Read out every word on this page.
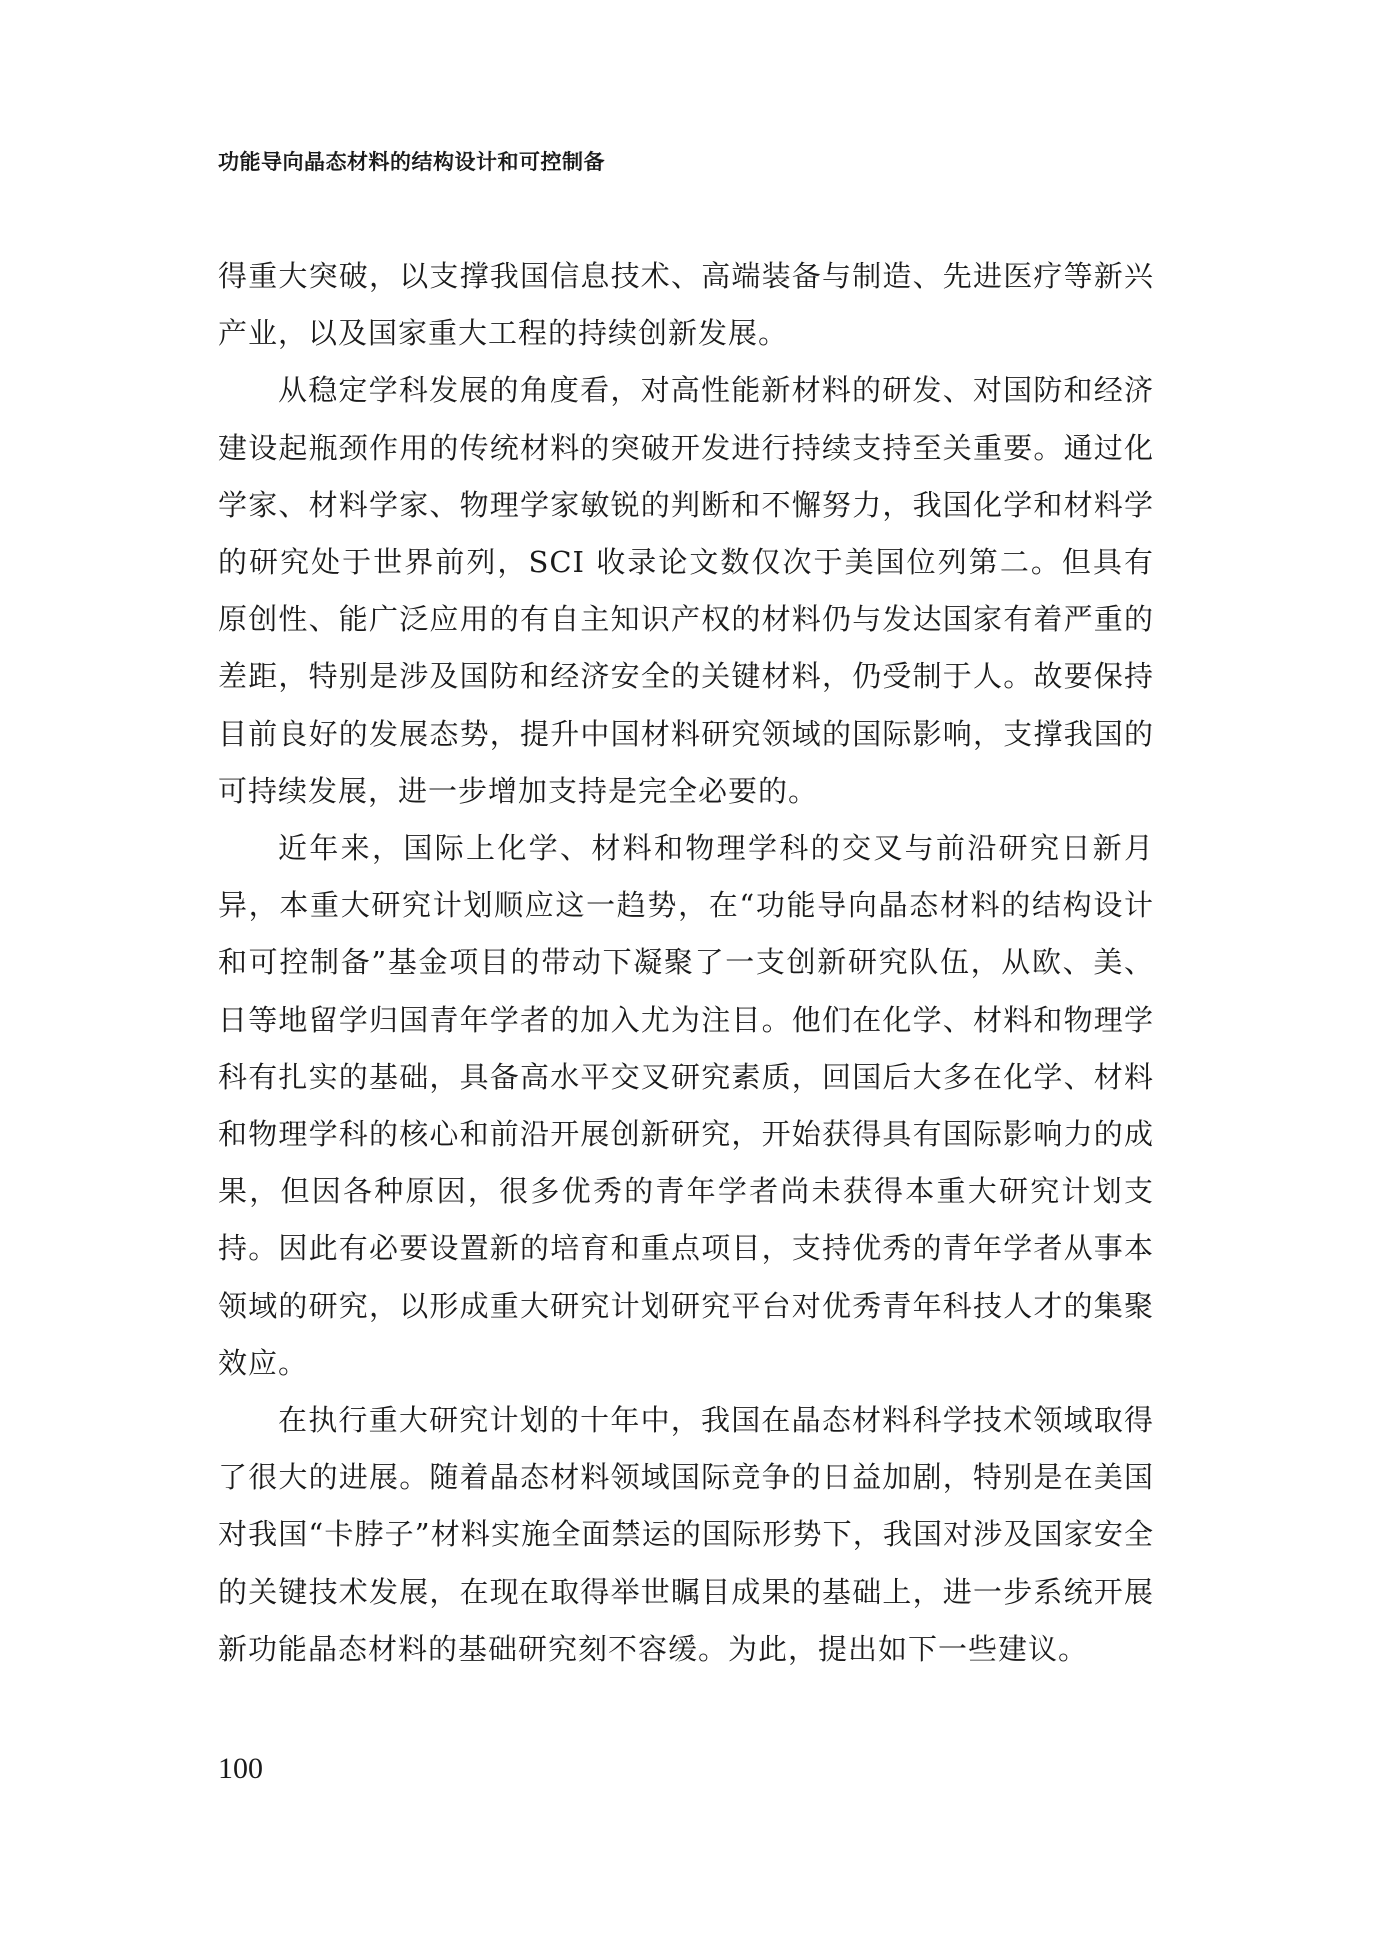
功能导向晶态材料的结构设计和可控制备

得重大突破，以支撑我国信息技术、高端装备与制造、先进医疗等新兴产业，以及国家重大工程的持续创新发展。

从稳定学科发展的角度看，对高性能新材料的研发、对国防和经济建设起瓶颈作用的传统材料的突破开发进行持续支持至关重要。通过化学家、材料学家、物理学家敏锐的判断和不懈努力，我国化学和材料学的研究处于世界前列，SCI 收录论文数仅次于美国位列第二。但具有原创性、能广泛应用的有自主知识产权的材料仍与发达国家有着严重的差距，特别是涉及国防和经济安全的关键材料，仍受制于人。故要保持目前良好的发展态势，提升中国材料研究领域的国际影响，支撑我国的可持续发展，进一步增加支持是完全必要的。

近年来，国际上化学、材料和物理学科的交叉与前沿研究日新月异，本重大研究计划顺应这一趋势，在“功能导向晶态材料的结构设计和可控制备”基金项目的带动下凝聚了一支创新研究队伍，从欧、美、日等地留学归国青年学者的加入尤为注目。他们在化学、材料和物理学科有扎实的基础，具备高水平交叉研究素质，回国后大多在化学、材料和物理学科的核心和前沿开展创新研究，开始获得具有国际影响力的成果，但因各种原因，很多优秀的青年学者尚未获得本重大研究计划支持。因此有必要设置新的培育和重点项目，支持优秀的青年学者从事本领域的研究，以形成重大研究计划研究平台对优秀青年科技人才的集聚效应。

在执行重大研究计划的十年中，我国在晶态材料科学技术领域取得了很大的进展。随着晶态材料领域国际竞争的日益加剧，特别是在美国对我国“卡脖子”材料实施全面禁运的国际形势下，我国对涉及国家安全的关键技术发展，在现在取得举世瞩目成果的基础上，进一步系统开展新功能晶态材料的基础研究刻不容缓。为此，提出如下一些建议。

100
